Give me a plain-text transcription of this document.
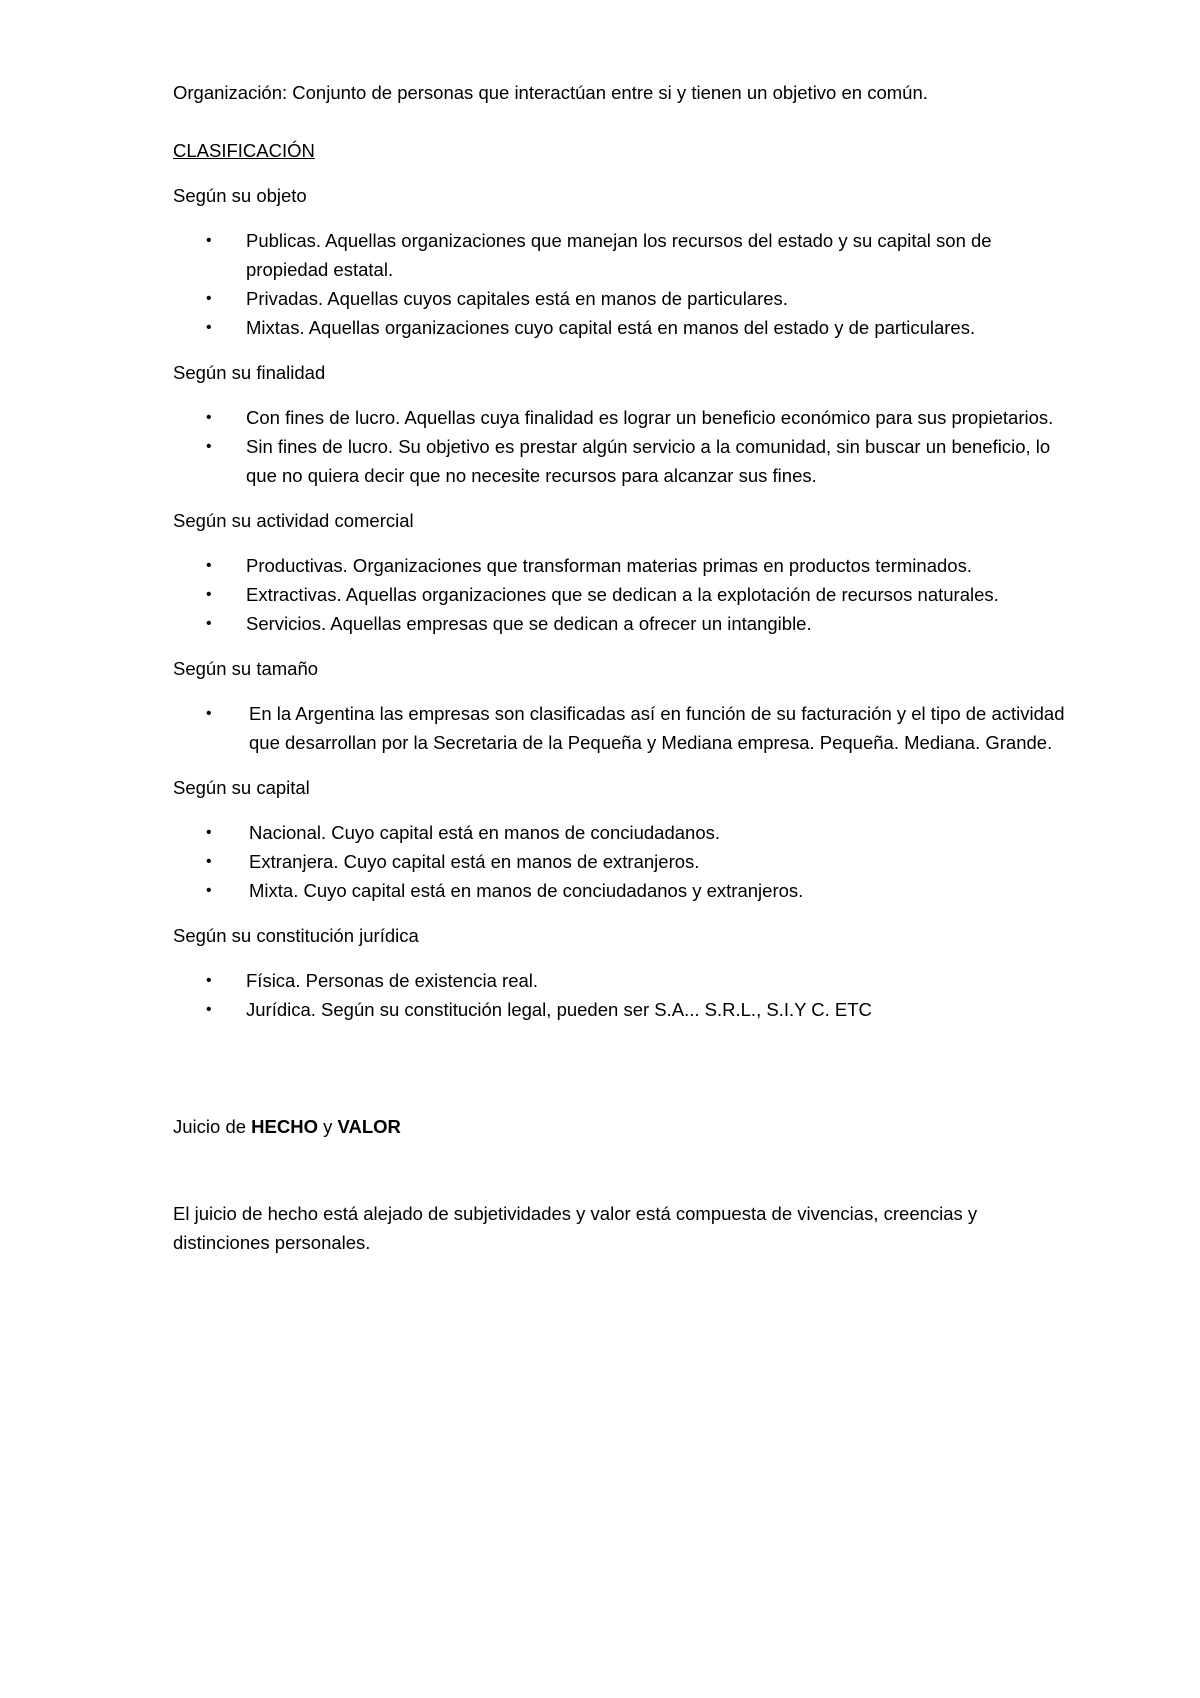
Organización: Conjunto de personas que interactúan entre si y tienen un objetivo en común.

CLASIFICACIÓN

Según su objeto

• Publicas. Aquellas organizaciones que manejan los recursos del estado y su capital son de propiedad estatal.
• Privadas. Aquellas cuyos capitales está en manos de particulares.
• Mixtas. Aquellas organizaciones cuyo capital está en manos del estado y de particulares.

Según su finalidad

• Con fines de lucro. Aquellas cuya finalidad es lograr un beneficio económico para sus propietarios.
• Sin fines de lucro. Su objetivo es prestar algún servicio a la comunidad, sin buscar un beneficio, lo que no quiera decir que no necesite recursos para alcanzar sus fines.

Según su actividad comercial

• Productivas. Organizaciones que transforman materias primas en productos terminados.
• Extractivas. Aquellas organizaciones que se dedican a la explotación de recursos naturales.
• Servicios. Aquellas empresas que se dedican a ofrecer un intangible.

Según su tamaño

• En la Argentina las empresas son clasificadas así en función de su facturación y el tipo de actividad que desarrollan por la Secretaria de la Pequeña y Mediana empresa. Pequeña. Mediana. Grande.

Según su capital

• Nacional. Cuyo capital está en manos de conciudadanos.
• Extranjera. Cuyo capital está en manos de extranjeros.
• Mixta. Cuyo capital está en manos de conciudadanos y extranjeros.

Según su constitución jurídica

• Física. Personas de existencia real.
• Jurídica. Según su constitución legal, pueden ser S.A... S.R.L., S.I.Y C. ETC

Juicio de HECHO y VALOR

El juicio de hecho está alejado de subjetividades y valor está compuesta de vivencias, creencias y distinciones personales.
